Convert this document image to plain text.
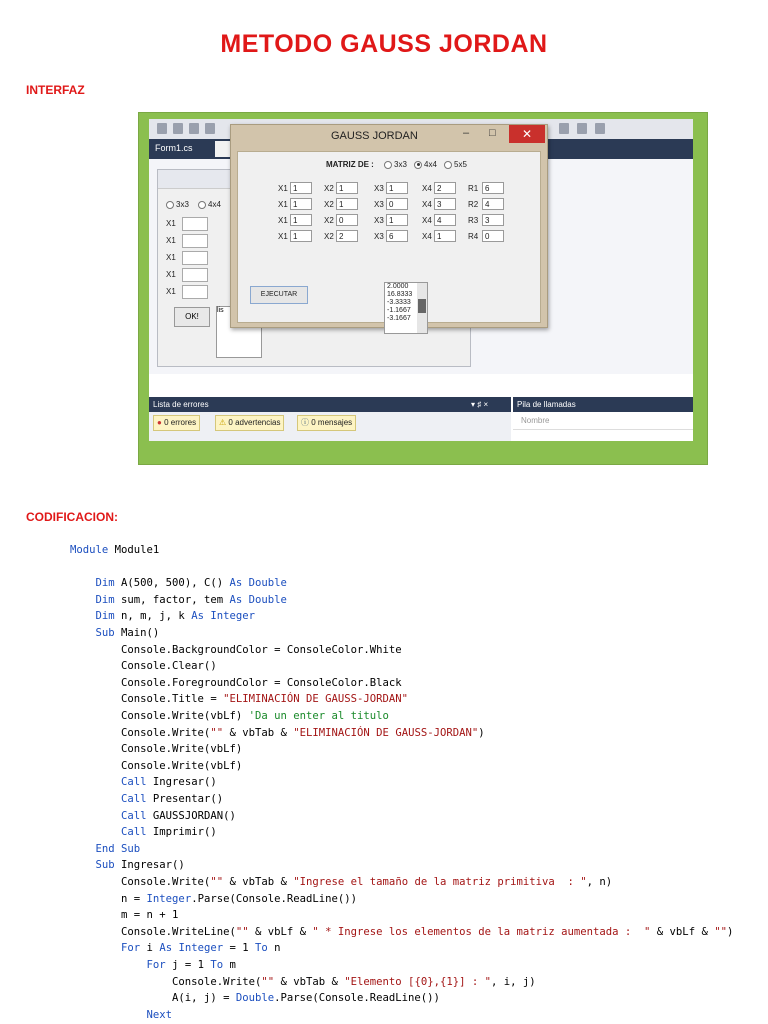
METODO GAUSS JORDAN
INTERFAZ
Form1.cs
3x3	4x4
X1
X1
X1
X1
X1
OK!
lis
Lista de errores	▾ ♯ ×
● 0 errores	⚠ 0 advertencias	ⓘ 0 mensajes
Pila de llamadas
Nombre
GAUSS JORDAN	– □	✕
MATRIZ DE :	3x3	4x4	5x5
X1 1	X2 1	X3 1	X4 2	R1 6
X1 1	X2 1	X3 0	X4 3	R2 4
X1 1	X2 0	X3 1	X4 4	R3 3
X1 1	X2 2	X3 6	X4 1	R4 0
EJECUTAR
2.0000
16.8333
-3.3333
-1.1667
-3.1667
CODIFICACION:
Module Module1
Dim A(500, 500), C() As Double
Dim sum, factor, tem As Double
Dim n, m, j, k As Integer
Sub Main()
Console.BackgroundColor = ConsoleColor.White
Console.Clear()
Console.ForegroundColor = ConsoleColor.Black
Console.Title = "ELIMINACIÓN DE GAUSS-JORDAN"
Console.Write(vbLf) 'Da un enter al titulo
Console.Write("" & vbTab & "ELIMINACIÓN DE GAUSS-JORDAN")
Console.Write(vbLf)
Console.Write(vbLf)
Call Ingresar()
Call Presentar()
Call GAUSSJORDAN()
Call Imprimir()
End Sub
Sub Ingresar()
Console.Write("" & vbTab & "Ingrese el tamaño de la matriz primitiva  : ", n)
n = Integer.Parse(Console.ReadLine())
m = n + 1
Console.WriteLine("" & vbLf & " * Ingrese los elementos de la matriz aumentada :  " & vbLf & "")
For i As Integer = 1 To n
For j = 1 To m
Console.Write("" & vbTab & "Elemento [{0},{1}] : ", i, j)
A(i, j) = Double.Parse(Console.ReadLine())
Next
